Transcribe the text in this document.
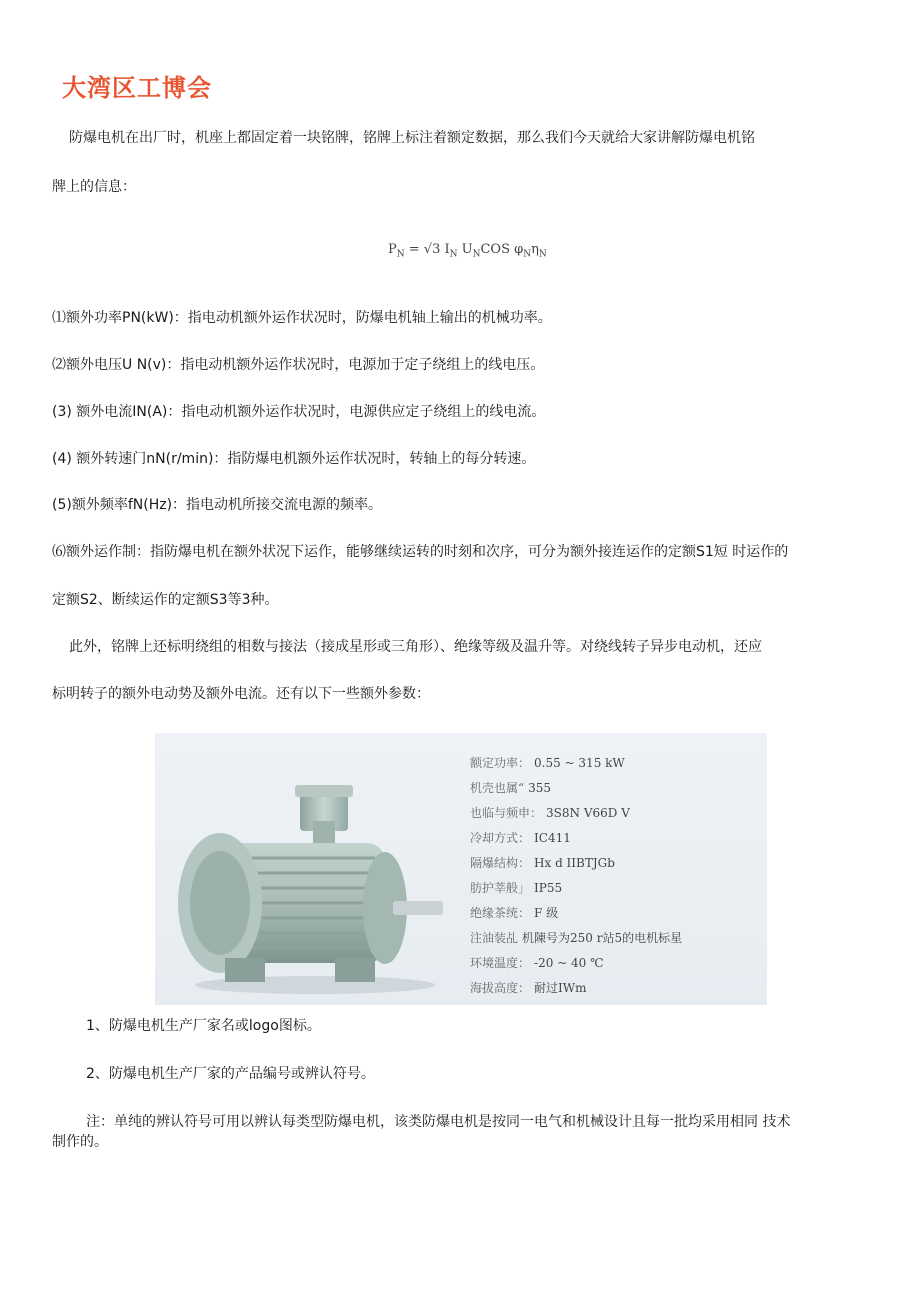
大湾区工博会
防爆电机在出厂时，机座上都固定着一块铭牌，铭牌上标注着额定数据，那么我们今天就给大家讲解防爆电机铭
牌上的信息：
$P_N = √3$ $I_N$ $U_NCOS$ $\varphi_N\eta_N$
⑴额外功率PN(kW)：指电动机额外运作状况时，防爆电机轴上输出的机械功率。
⑵额外电压U N(v)：指电动机额外运作状况时，电源加于定子绕组上的线电压。
(3) 额外电流IN(A)：指电动机额外运作状况时，电源供应定子绕组上的线电流。
(4) 额外转速门nN(r/min)：指防爆电机额外运作状况时，转轴上的每分转速。
(5)额外频率fN(Hz)：指电动机所接交流电源的频率。
⑹额外运作制：指防爆电机在额外状况下运作，能够继续运转的时刻和次序，可分为额外接连运作的定额S1短 时运作的
定额S2、断续运作的定额S3等3种。
此外，铭牌上还标明绕组的相数与接法（接成星形或三角形）、绝缘等级及温升等。对绕线转子异步电动机，还应
标明转子的额外电动势及额外电流。还有以下一些额外参数：
额定功率： 0.55 ~ 315 kW
机壳也属“ 355
也临与频申： 3S8N V66D V
冷却方式： IC411
隔爆结构： Hx d IIBTJGb
肪护莘般」 IP55
绝缘茶统： F 级
注油装乩 机陳号为250 r站5的电机标星
环境温度： -20 ~ 40 ℃
海拔高度： 耐过IWm
1、防爆电机生产厂家名或logo图标。
2、防爆电机生产厂家的产品编号或辨认符号。
注：单纯的辨认符号可用以辨认每类型防爆电机，该类防爆电机是按同一电气和机械设计且每一批均采用相同 技术
制作的。
